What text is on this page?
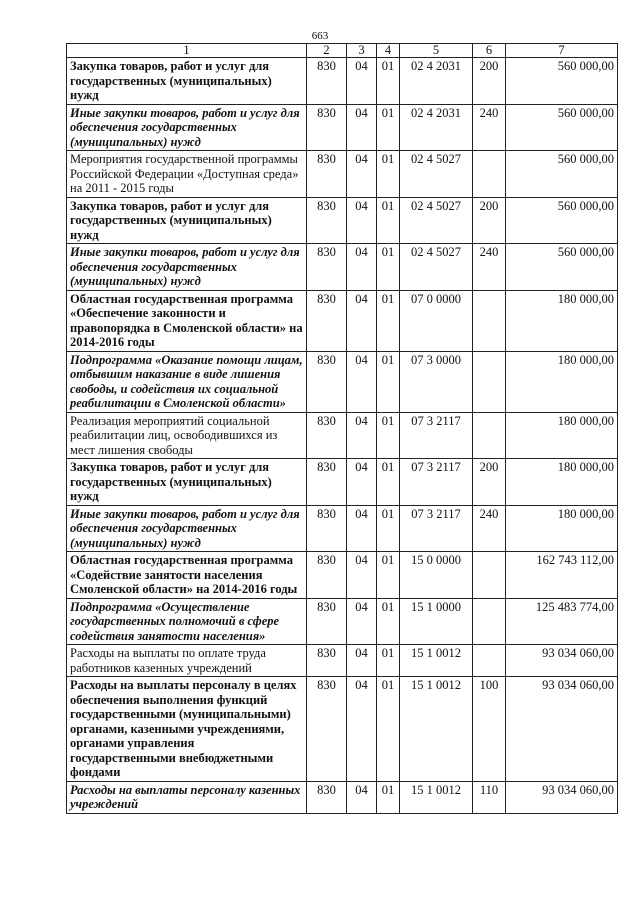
663
1	2	3	4	5	6	7
Закупка товаров, работ и услуг для государственных (муниципальных) нужд	830	04	01	02 4 2031	200	560 000,00
Иные закупки товаров, работ и услуг для обеспечения государственных (муниципальных) нужд	830	04	01	02 4 2031	240	560 000,00
Мероприятия государственной программы Российской Федерации «Доступная среда» на 2011 - 2015 годы	830	04	01	02 4 5027		560 000,00
Закупка товаров, работ и услуг для государственных (муниципальных) нужд	830	04	01	02 4 5027	200	560 000,00
Иные закупки товаров, работ и услуг для обеспечения государственных (муниципальных) нужд	830	04	01	02 4 5027	240	560 000,00
Областная государственная программа «Обеспечение законности и правопорядка в Смоленской области» на 2014-2016 годы	830	04	01	07 0 0000		180 000,00
Подпрограмма «Оказание помощи лицам, отбывшим наказание в виде лишения свободы, и содействия их социальной реабилитации в Смоленской области»	830	04	01	07 3 0000		180 000,00
Реализация мероприятий социальной реабилитации лиц, освободившихся из мест лишения свободы	830	04	01	07 3 2117		180 000,00
Закупка товаров, работ и услуг для государственных (муниципальных) нужд	830	04	01	07 3 2117	200	180 000,00
Иные закупки товаров, работ и услуг для обеспечения государственных (муниципальных) нужд	830	04	01	07 3 2117	240	180 000,00
Областная государственная программа «Содействие занятости населения Смоленской области» на 2014-2016 годы	830	04	01	15 0 0000		162 743 112,00
Подпрограмма «Осуществление государственных полномочий в сфере содействия занятости населения»	830	04	01	15 1 0000		125 483 774,00
Расходы на выплаты по оплате труда работников казенных учреждений	830	04	01	15 1 0012		93 034 060,00
Расходы на выплаты персоналу в целях обеспечения выполнения функций государственными (муниципальными) органами, казенными учреждениями, органами управления государственными внебюджетными фондами	830	04	01	15 1 0012	100	93 034 060,00
Расходы на выплаты персоналу казенных учреждений	830	04	01	15 1 0012	110	93 034 060,00
